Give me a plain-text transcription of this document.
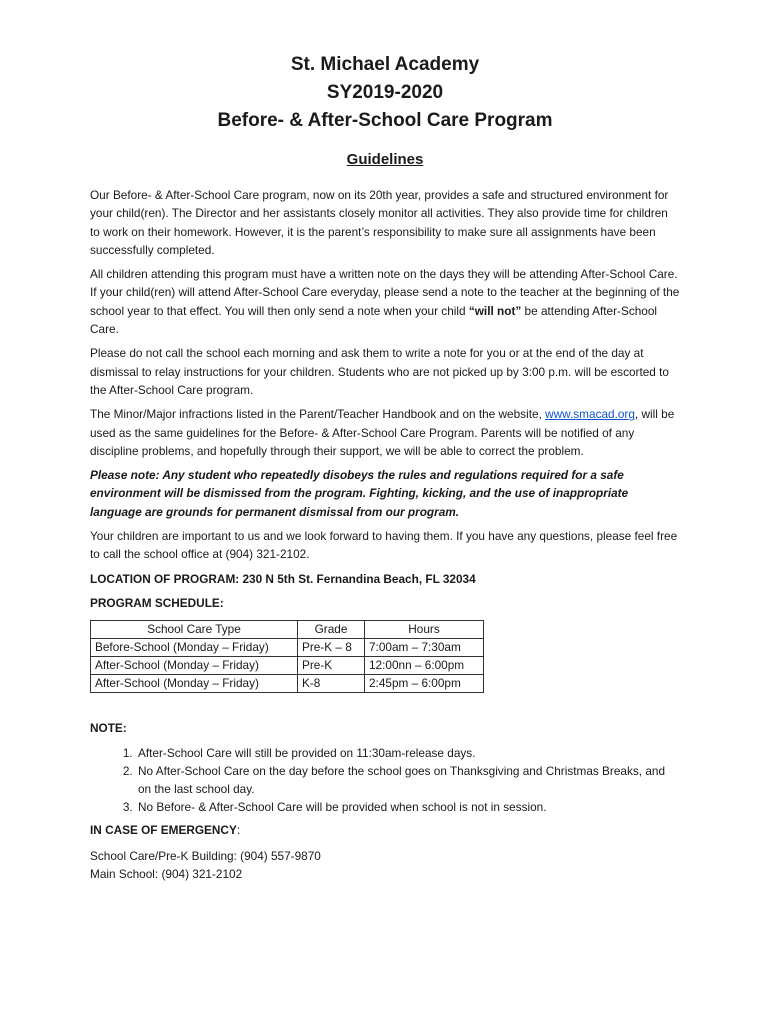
St. Michael Academy
SY2019-2020
Before- & After-School Care Program
Guidelines

Our Before- & After-School Care program, now on its 20th year, provides a safe and structured environment for your child(ren). The Director and her assistants closely monitor all activities. They also provide time for children to work on their homework. However, it is the parent’s responsibility to make sure all assignments have been successfully completed.

All children attending this program must have a written note on the days they will be attending After-School Care. If your child(ren) will attend After-School Care everyday, please send a note to the teacher at the beginning of the school year to that effect. You will then only send a note when your child “will not” be attending After-School Care.

Please do not call the school each morning and ask them to write a note for you or at the end of the day at dismissal to relay instructions for your children. Students who are not picked up by 3:00 p.m. will be escorted to the After-School Care program.

The Minor/Major infractions listed in the Parent/Teacher Handbook and on the website, www.smacad.org, will be used as the same guidelines for the Before- & After-School Care Program. Parents will be notified of any discipline problems, and hopefully through their support, we will be able to correct the problem.

Please note: Any student who repeatedly disobeys the rules and regulations required for a safe environment will be dismissed from the program. Fighting, kicking, and the use of inappropriate language are grounds for permanent dismissal from our program.

Your children are important to us and we look forward to having them. If you have any questions, please feel free to call the school office at (904) 321-2102.

LOCATION OF PROGRAM: 230 N 5th St. Fernandina Beach, FL 32034

PROGRAM SCHEDULE:

School Care Type	Grade	Hours
Before-School (Monday – Friday)	Pre-K – 8	7:00am – 7:30am
After-School (Monday – Friday)	Pre-K	12:00nn – 6:00pm
After-School (Monday – Friday)	K-8	2:45pm – 6:00pm
NOTE:
1. After-School Care will still be provided on 11:30am-release days.
2. No After-School Care on the day before the school goes on Thanksgiving and Christmas Breaks, and on the last school day.
3. No Before- & After-School Care will be provided when school is not in session.
IN CASE OF EMERGENCY:
School Care/Pre-K Building: (904) 557-9870
Main School: (904) 321-2102
